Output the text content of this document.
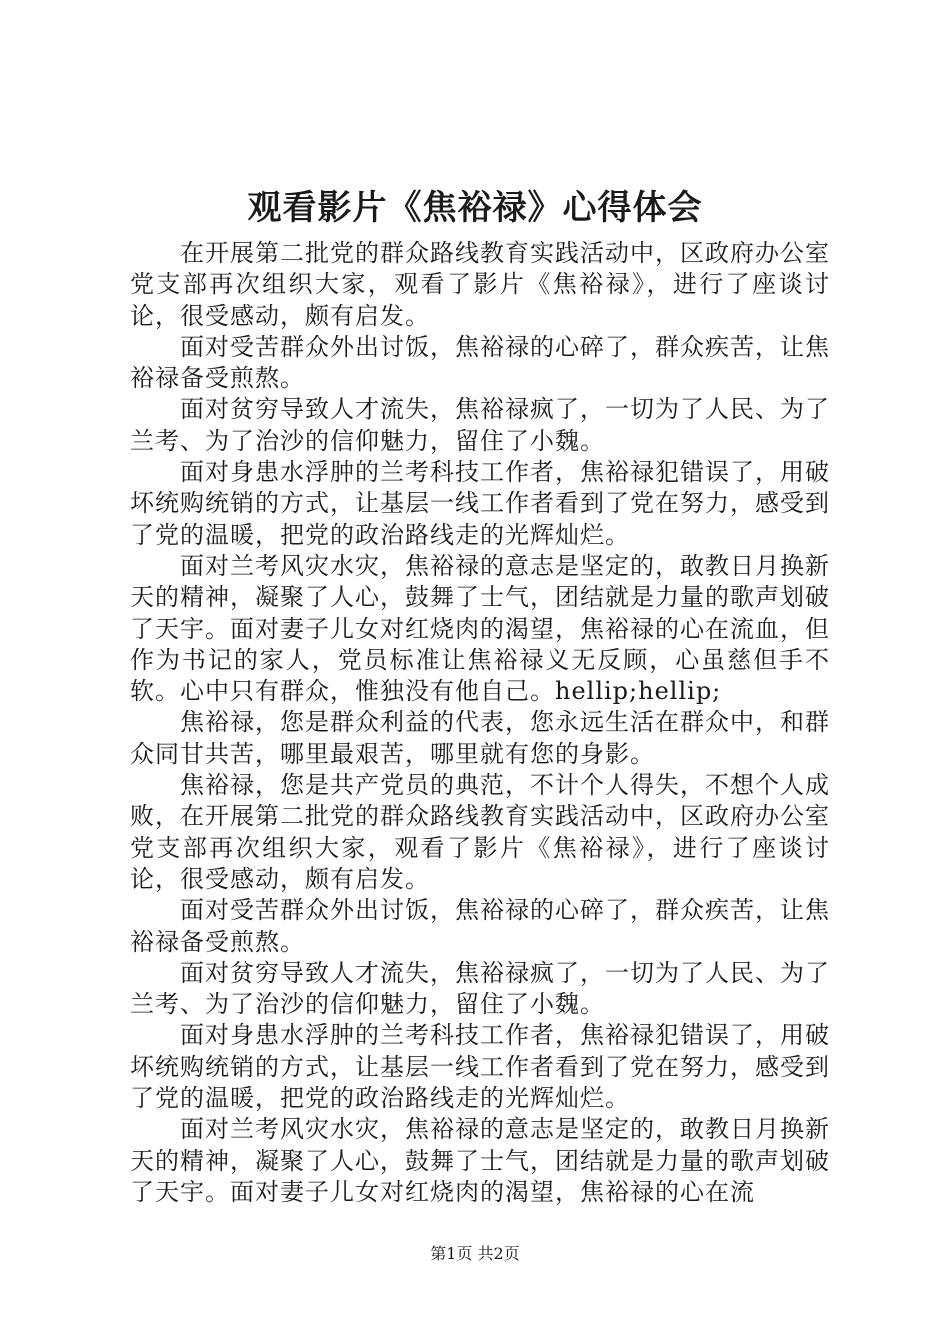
观看影片《焦裕禄》心得体会

在开展第二批党的群众路线教育实践活动中，区政府办公室党支部再次组织大家，观看了影片《焦裕禄》，进行了座谈讨论，很受感动，颇有启发。

面对受苦群众外出讨饭，焦裕禄的心碎了，群众疾苦，让焦裕禄备受煎熬。

面对贫穷导致人才流失，焦裕禄疯了，一切为了人民、为了兰考、为了治沙的信仰魅力，留住了小魏。

面对身患水浮肿的兰考科技工作者，焦裕禄犯错误了，用破坏统购统销的方式，让基层一线工作者看到了党在努力，感受到了党的温暖，把党的政治路线走的光辉灿烂。

面对兰考风灾水灾，焦裕禄的意志是坚定的，敢教日月换新天的精神，凝聚了人心，鼓舞了士气，团结就是力量的歌声划破了天宇。面对妻子儿女对红烧肉的渴望，焦裕禄的心在流血，但作为书记的家人，党员标准让焦裕禄义无反顾，心虽慈但手不软。心中只有群众，惟独没有他自己。hellip;hellip;

焦裕禄，您是群众利益的代表，您永远生活在群众中，和群众同甘共苦，哪里最艰苦，哪里就有您的身影。

焦裕禄，您是共产党员的典范，不计个人得失，不想个人成败，在开展第二批党的群众路线教育实践活动中，区政府办公室党支部再次组织大家，观看了影片《焦裕禄》，进行了座谈讨论，很受感动，颇有启发。

面对受苦群众外出讨饭，焦裕禄的心碎了，群众疾苦，让焦裕禄备受煎熬。

面对贫穷导致人才流失，焦裕禄疯了，一切为了人民、为了兰考、为了治沙的信仰魅力，留住了小魏。

面对身患水浮肿的兰考科技工作者，焦裕禄犯错误了，用破坏统购统销的方式，让基层一线工作者看到了党在努力，感受到了党的温暖，把党的政治路线走的光辉灿烂。

面对兰考风灾水灾，焦裕禄的意志是坚定的，敢教日月换新天的精神，凝聚了人心，鼓舞了士气，团结就是力量的歌声划破了天宇。面对妻子儿女对红烧肉的渴望，焦裕禄的心在流

第1页 共2页
